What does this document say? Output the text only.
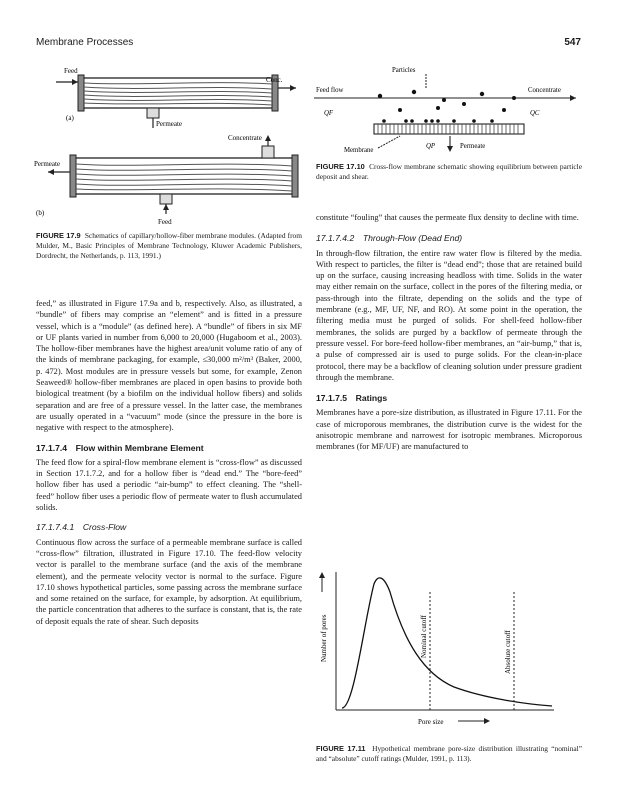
Membrane Processes	547
Feed
Conc.
(a)
Permeate
Concentrate
Permeate
(b)
Feed
FIGURE 17.9 Schematics of capillary/hollow-fiber membrane modules. (Adapted from Mulder, M., Basic Principles of Membrane Technology, Kluwer Academic Publishers, Dordrecht, the Netherlands, p. 113, 1991.)
Particles
Feed flow
QF
Concentrate
QC
Membrane
QP	Permeate
FIGURE 17.10 Cross-flow membrane schematic showing equilibrium between particle deposit and shear.

feed,” as illustrated in Figure 17.9a and b, respectively. Also, as illustrated, a “bundle” of fibers may comprise an “element” and is fitted in a pressure vessel, which is a “module” (as defined here). A “bundle” of fibers in six MF or UF plants varied in number from 6,000 to 20,000 (Hugaboom et al., 2003). The hollow-fiber membranes have the highest area/unit volume ratio of any of the kinds of membrane packaging, for example, ≤30,000 m²/m³ (Baker, 2000, p. 472). Most modules are in pressure vessels but some, for example, Zenon Seaweed® hollow-fiber membranes are placed in open basins to provide both biological treatment (by a biofilm on the individual hollow fibers) and solids separation and are free of a pressure vessel. In the latter case, the membranes are usually operated in a “vacuum” mode (since the pressure in the bore is negative with respect to the atmosphere).

17.1.7.4 Flow within Membrane Element

The feed flow for a spiral-flow membrane element is “cross-flow” as discussed in Section 17.1.7.2, and for a hollow fiber is “dead end.” The “bore-feed” hollow fiber has used a periodic “air-bump” to effect cleaning. The “shell-feed” hollow fiber uses a periodic flow of permeate water to flush accumulated solids.

17.1.7.4.1 Cross-Flow

Continuous flow across the surface of a permeable membrane surface is called “cross-flow” filtration, illustrated in Figure 17.10. The feed-flow velocity vector is parallel to the membrane surface (and the axis of the membrane element), and the permeate velocity vector is normal to the surface. Figure 17.10 shows hypothetical particles, some passing across the membrane surface and some retained on the surface, for example, by adsorption. At equilibrium, the particle concentration that adheres to the surface is constant, that is, the rate of deposit equals the rate of shear. Such deposits

constitute “fouling” that causes the permeate flux density to decline with time.

17.1.7.4.2 Through-Flow (Dead End)

In through-flow filtration, the entire raw water flow is filtered by the media. With respect to particles, the filter is “dead end”; those that are retained build up on the surface, causing increasing headloss with time. Solids in the water may either remain on the surface, collect in the pores of the filtering media, or pass-through into the filtrate, depending on the solids and the type of membrane (e.g., MF, UF, NF, and RO). At some point in the operation, the filtering media must be purged of solids. For shell-feed hollow-fiber membranes, the solids are purged by a backflow of permeate through the pressure vessel. For bore-feed hollow-fiber membranes, an “air-bump,” that is, a pulse of compressed air is used to purge solids. For the clean-in-place protocol, there may be a backflow of cleaning solution under pressure gradient through the membrane.

17.1.7.5 Ratings

Membranes have a pore-size distribution, as illustrated in Figure 17.11. For the case of microporous membranes, the distribution curve is the widest for the anisotropic membrane and narrowest for isotropic membranes. Microporous membranes (for MF/UF) are manufactured to

Number of pores	Nominal cutoff	Absolute cutoff
Pore size
FIGURE 17.11 Hypothetical membrane pore-size distribution illustrating “nominal” and “absolute” cutoff ratings (Mulder, 1991, p. 113).
